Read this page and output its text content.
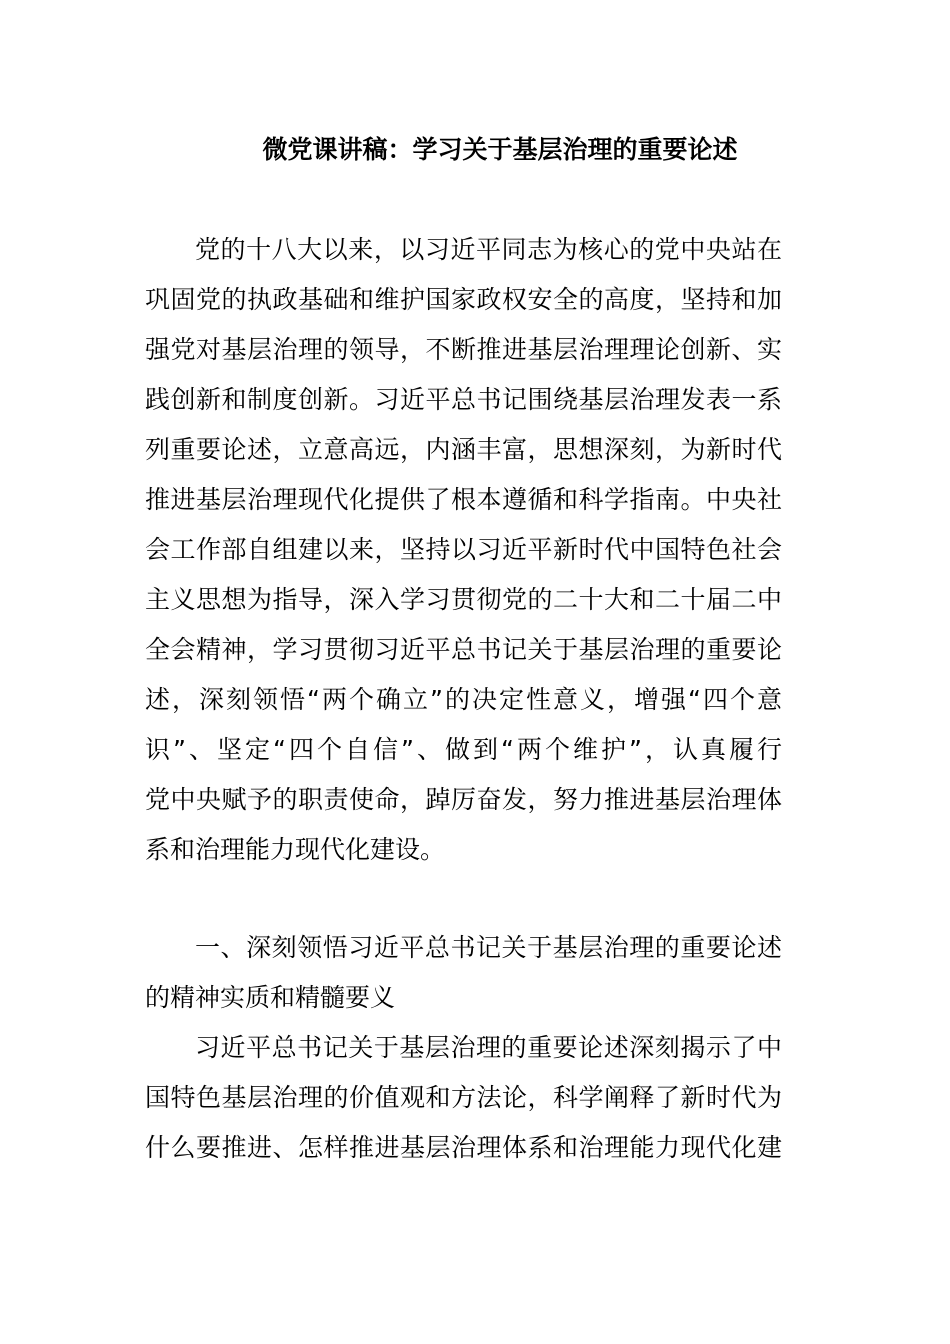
微党课讲稿：学习关于基层治理的重要论述
党的十八大以来，以习近平同志为核心的党中央站在
巩固党的执政基础和维护国家政权安全的高度，坚持和加
强党对基层治理的领导，不断推进基层治理理论创新、实
践创新和制度创新。习近平总书记围绕基层治理发表一系
列重要论述，立意高远，内涵丰富，思想深刻，为新时代
推进基层治理现代化提供了根本遵循和科学指南。中央社
会工作部自组建以来，坚持以习近平新时代中国特色社会
主义思想为指导，深入学习贯彻党的二十大和二十届二中
全会精神，学习贯彻习近平总书记关于基层治理的重要论
述，深刻领悟“两个确立”的决定性意义，增强“四个意
识”、坚定“四个自信”、做到“两个维护”，认真履行
党中央赋予的职责使命，踔厉奋发，努力推进基层治理体
系和治理能力现代化建设。
一、深刻领悟习近平总书记关于基层治理的重要论述
的精神实质和精髓要义
习近平总书记关于基层治理的重要论述深刻揭示了中
国特色基层治理的价值观和方法论，科学阐释了新时代为
什么要推进、怎样推进基层治理体系和治理能力现代化建
